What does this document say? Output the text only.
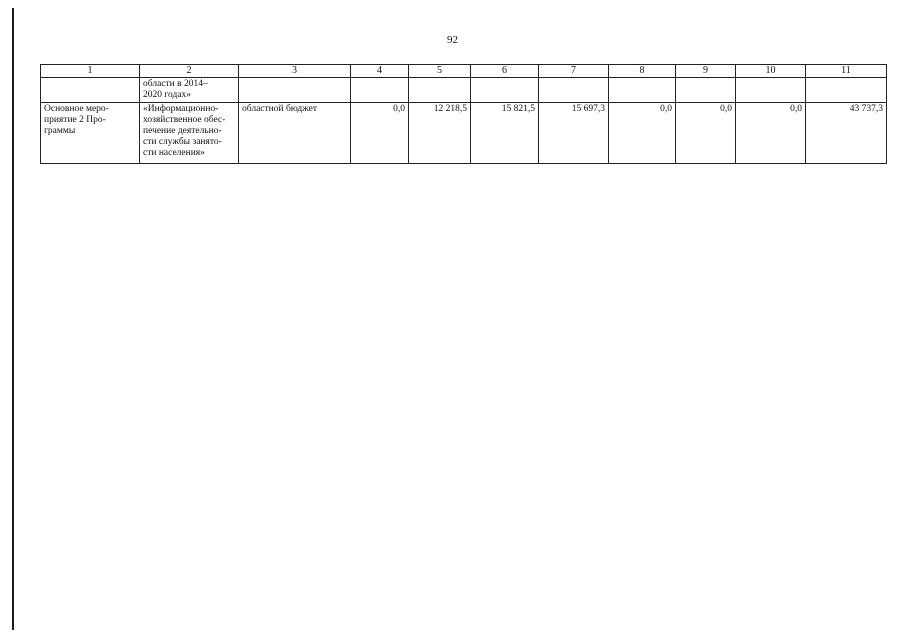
92
1	2	3	4	5	6	7	8	9	10	11

	области в 2014–
2020 годах»									

Основное меро-
приятие 2 Про-
граммы	«Информационно-
хозяйственное обес-
печение деятельно-
сти службы занято-
сти населения»	областной бюджет	0,0	12 218,5	15 821,5	15 697,3	0,0	0,0	0,0	43 737,3
